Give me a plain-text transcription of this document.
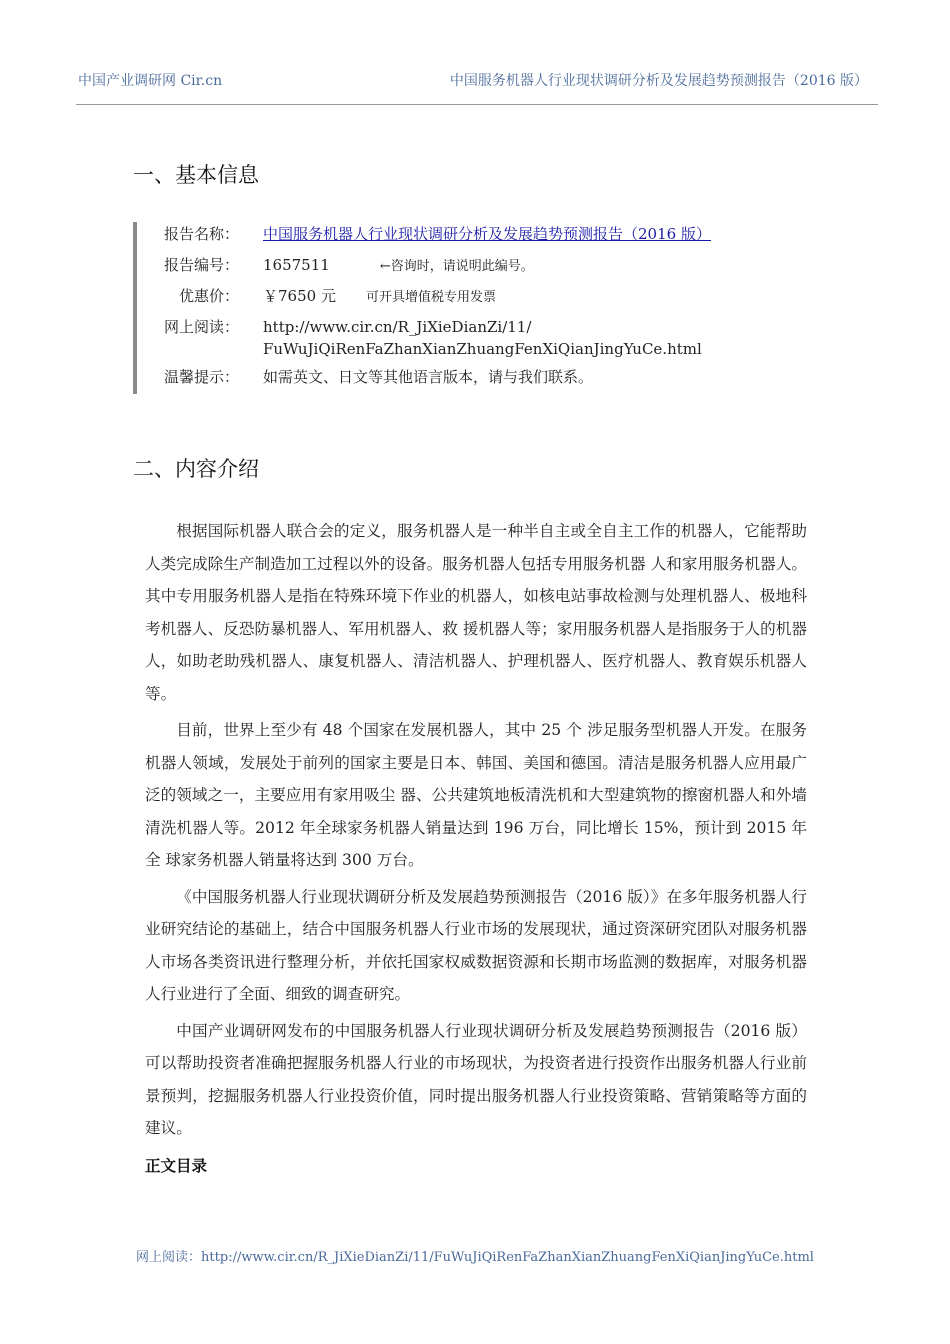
中国产业调研网 Cir.cn	中国服务机器人行业现状调研分析及发展趋势预测报告（2016 版）
一、基本信息
报告名称： 中国服务机器人行业现状调研分析及发展趋势预测报告（2016 版）
报告编号： 1657511	←咨询时，请说明此编号。
优惠价： ￥7650 元 可开具增值税专用发票
网上阅读： http://www.cir.cn/R_JiXieDianZi/11/
FuWuJiQiRenFaZhanXianZhuangFenXiQianJingYuCe.html
温馨提示： 如需英文、日文等其他语言版本，请与我们联系。
二、内容介绍

根据国际机器人联合会的定义，服务机器人是一种半自主或全自主工作的机器人，它能帮助人类完成除生产制造加工过程以外的设备。服务机器人包括专用服务机器 人和家用服务机器人。其中专用服务机器人是指在特殊环境下作业的机器人，如核电站事故检测与处理机器人、极地科考机器人、反恐防暴机器人、军用机器人、救 援机器人等；家用服务机器人是指服务于人的机器人，如助老助残机器人、康复机器人、清洁机器人、护理机器人、医疗机器人、教育娱乐机器人等。

目前，世界上至少有 48 个国家在发展机器人，其中 25 个 涉足服务型机器人开发。在服务机器人领域，发展处于前列的国家主要是日本、韩国、美国和德国。清洁是服务机器人应用最广泛的领域之一，主要应用有家用吸尘 器、公共建筑地板清洗机和大型建筑物的擦窗机器人和外墙清洗机器人等。2012 年全球家务机器人销量达到 196 万台，同比增长 15%，预计到 2015 年全 球家务机器人销量将达到 300 万台。

《中国服务机器人行业现状调研分析及发展趋势预测报告（2016 版）》在多年服务机器人行业研究结论的基础上，结合中国服务机器人行业市场的发展现状，通过资深研究团队对服务机器人市场各类资讯进行整理分析，并依托国家权威数据资源和长期市场监测的数据库，对服务机器人行业进行了全面、细致的调查研究。

中国产业调研网发布的中国服务机器人行业现状调研分析及发展趋势预测报告（2016 版）可以帮助投资者准确把握服务机器人行业的市场现状，为投资者进行投资作出服务机器人行业前景预判，挖掘服务机器人行业投资价值，同时提出服务机器人行业投资策略、营销策略等方面的建议。

正文目录
网上阅读：http://www.cir.cn/R_JiXieDianZi/11/FuWuJiQiRenFaZhanXianZhuangFenXiQianJingYuCe.html
